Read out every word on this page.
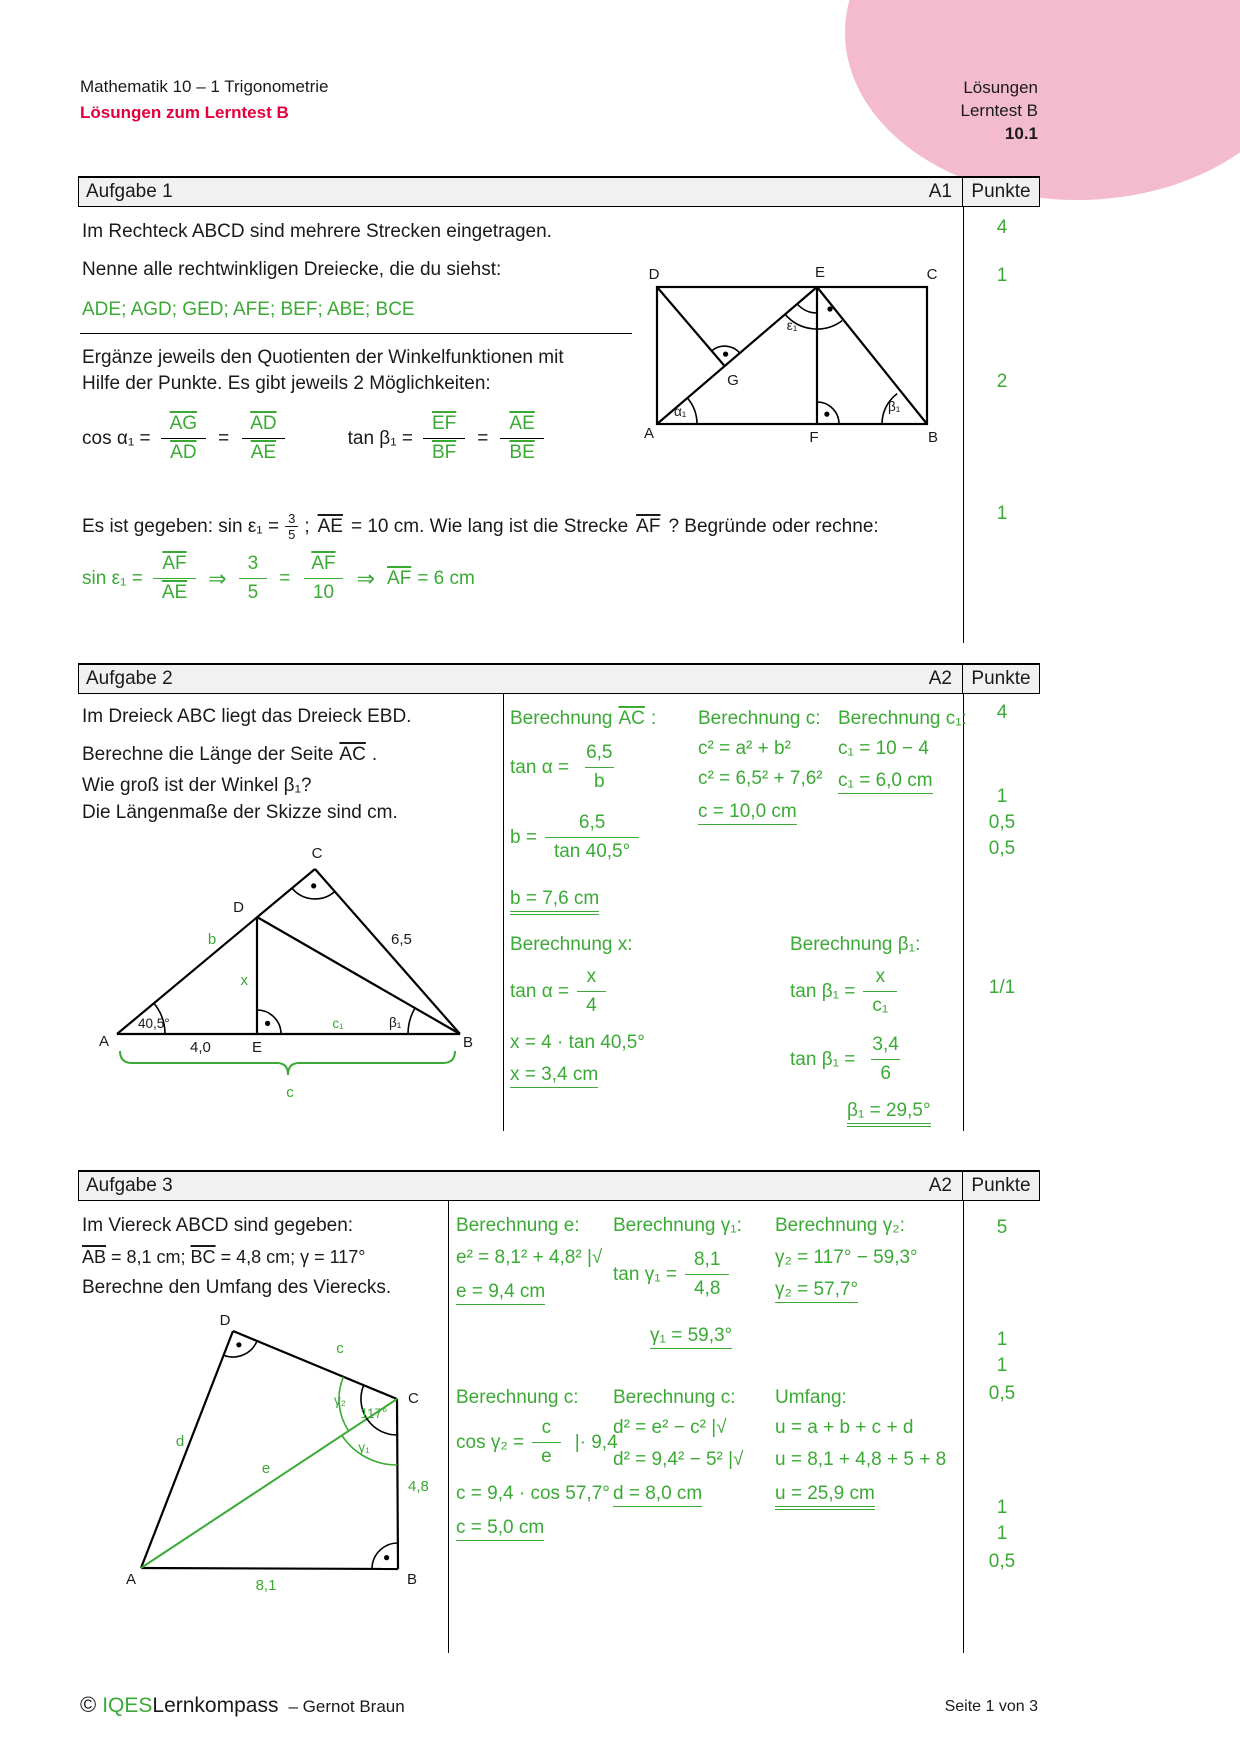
Mathematik 10 – 1 Trigonometrie
Lösungen zum Lerntest B
Lösungen
Lerntest B
10.1
Aufgabe 1	A1	Punkte
4
1
2
1
Im Rechteck ABCD sind mehrere Strecken eingetragen.
Nenne alle rechtwinkligen Dreiecke, die du siehst:
ADE; AGD; GED; AFE; BEF; ABE; BCE
Ergänze jeweils den Quotienten der Winkelfunktionen mit
Hilfe der Punkte. Es gibt jeweils 2 Möglichkeiten:
$\cos \alpha_1 = \frac{\overline{AG}}{AD} = \frac{\overline{AD}}{AE}$	$\tan \beta_1 = \frac{\overline{EF}}{BF} = \frac{\overline{AE}}{BE}$
Es ist gegeben: $\sin \varepsilon_1 = \frac{3}{5}$ ; $\overline{AE} = 10$ cm. Wie lang ist die Strecke $\overline{AF}$ ? Begründe oder rechne:
$\sin \varepsilon_1 = \frac{\overline{AF}}{AE}$ ⇒ $\frac{3}{5} = \frac{\overline{AF}}{10}$ ⇒ $\overline{AF} = 6$ cm
D	E	C
A	F	B
G
α₁
ε₁
β₁
Aufgabe 2	A2	Punkte
4
1
0,5
0,5
1/1
Im Dreieck ABC liegt das Dreieck EBD.
Berechne die Länge der Seite $\overline{AC}$ .
Wie groß ist der Winkel β₁?
Die Längenmaße der Skizze sind cm.
C
D
A	E	B
b
x
6,5
40,5°
4,0
c₁	β₁
c
Berechnung $\overline{AC}$ :
$\tan \alpha = \frac{6,5}{b}$
$b = \frac{6,5}{\tan 40,5^\circ}$
b = 7,6 cm
Berechnung c:
c² = a² + b²
c² = 6,5² + 7,6²
c = 10,0 cm
Berechnung c₁:
c₁ = 10 − 4
c₁ = 6,0 cm
Berechnung x:
$\tan \alpha = \frac{x}{4}$
x = 4 · tan 40,5°
x = 3,4 cm
Berechnung β₁:
$\tan \beta_1 = \frac{x}{\text{c₁}}$
$\tan \beta_1 = \frac{3,4}{6}$
β₁ = 29,5°
Aufgabe 3	A2	Punkte
5
1
1
0,5
1
1
0,5
Im Viereck ABCD sind gegeben:
$\overline{AB} = 8,1$ cm; $\overline{BC} = 4,8$ cm; γ = 117°
Berechne den Umfang des Vierecks.
D
C
B
A
d
c
e
γ₂
117°
γ₁
4,8
8,1
Berechnung e:
e² = 8,1² + 4,8² |√
e = 9,4 cm
Berechnung γ₁:
$\tan \gamma_1 = \frac{8,1}{4,8}$
γ₁ = 59,3°
Berechnung γ₂:
γ₂ = 117° − 59,3°
γ₂ = 57,7°
Berechnung c:
$\cos \gamma_2 = \frac{c}{e}$ |· 9,4
c = 9,4 · cos 57,7°
c = 5,0 cm
Berechnung c:
d² = e² − c² |√
d² = 9,4² − 5² |√
d = 8,0 cm
Umfang:
u = a + b + c + d
u = 8,1 + 4,8 + 5 + 8
u = 25,9 cm
© IQES Lernkompass – Gernot Braun	Seite 1 von 3
